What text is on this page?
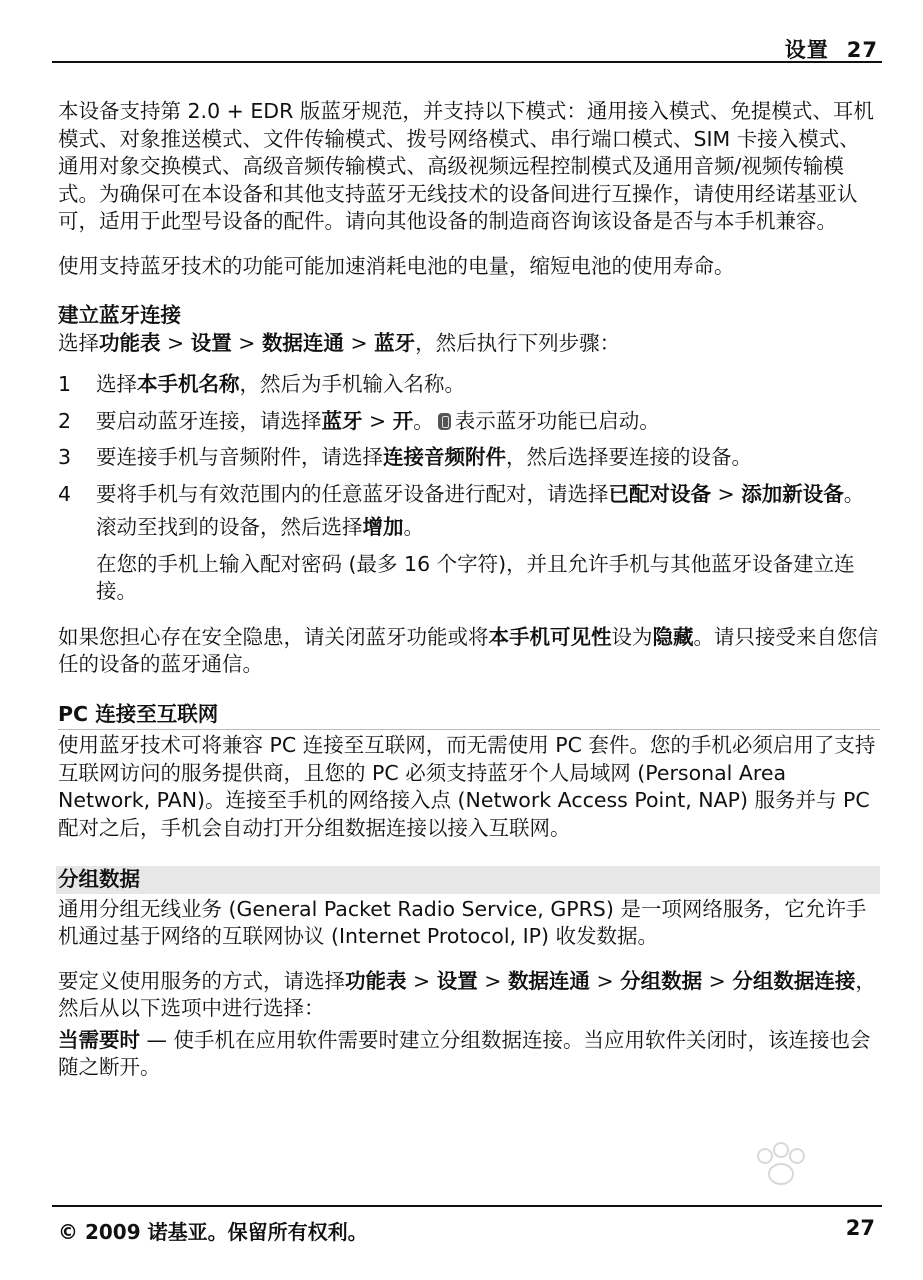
设置 27

本设备支持第 2.0 + EDR 版蓝牙规范，并支持以下模式：通用接入模式、免提模式、耳机模式、对象推送模式、文件传输模式、拨号网络模式、串行端口模式、SIM 卡接入模式、通用对象交换模式、高级音频传输模式、高级视频远程控制模式及通用音频/视频传输模式。为确保可在本设备和其他支持蓝牙无线技术的设备间进行互操作，请使用经诺基亚认可，适用于此型号设备的配件。请向其他设备的制造商咨询该设备是否与本手机兼容。

使用支持蓝牙技术的功能可能加速消耗电池的电量，缩短电池的使用寿命。

建立蓝牙连接

选择功能表 > 设置 > 数据连通 > 蓝牙，然后执行下列步骤：

1 选择本手机名称，然后为手机输入名称。
2 要启动蓝牙连接，请选择蓝牙 > 开。 表示蓝牙功能已启动。
3 要连接手机与音频附件，请选择连接音频附件，然后选择要连接的设备。
4 要将手机与有效范围内的任意蓝牙设备进行配对，请选择已配对设备 > 添加新设备。
滚动至找到的设备，然后选择增加。
在您的手机上输入配对密码 (最多 16 个字符)，并且允许手机与其他蓝牙设备建立连接。

如果您担心存在安全隐患，请关闭蓝牙功能或将本手机可见性设为隐藏。请只接受来自您信任的设备的蓝牙通信。

PC 连接至互联网

使用蓝牙技术可将兼容 PC 连接至互联网，而无需使用 PC 套件。您的手机必须启用了支持互联网访问的服务提供商，且您的 PC 必须支持蓝牙个人局域网 (Personal Area Network, PAN)。连接至手机的网络接入点 (Network Access Point, NAP) 服务并与 PC 配对之后，手机会自动打开分组数据连接以接入互联网。

分组数据

通用分组无线业务 (General Packet Radio Service, GPRS) 是一项网络服务，它允许手机通过基于网络的互联网协议 (Internet Protocol, IP) 收发数据。

要定义使用服务的方式，请选择功能表 > 设置 > 数据连通 > 分组数据 > 分组数据连接，然后从以下选项中进行选择：

当需要时 — 使手机在应用软件需要时建立分组数据连接。当应用软件关闭时，该连接也会随之断开。

© 2009 诺基亚。保留所有权利。	27
